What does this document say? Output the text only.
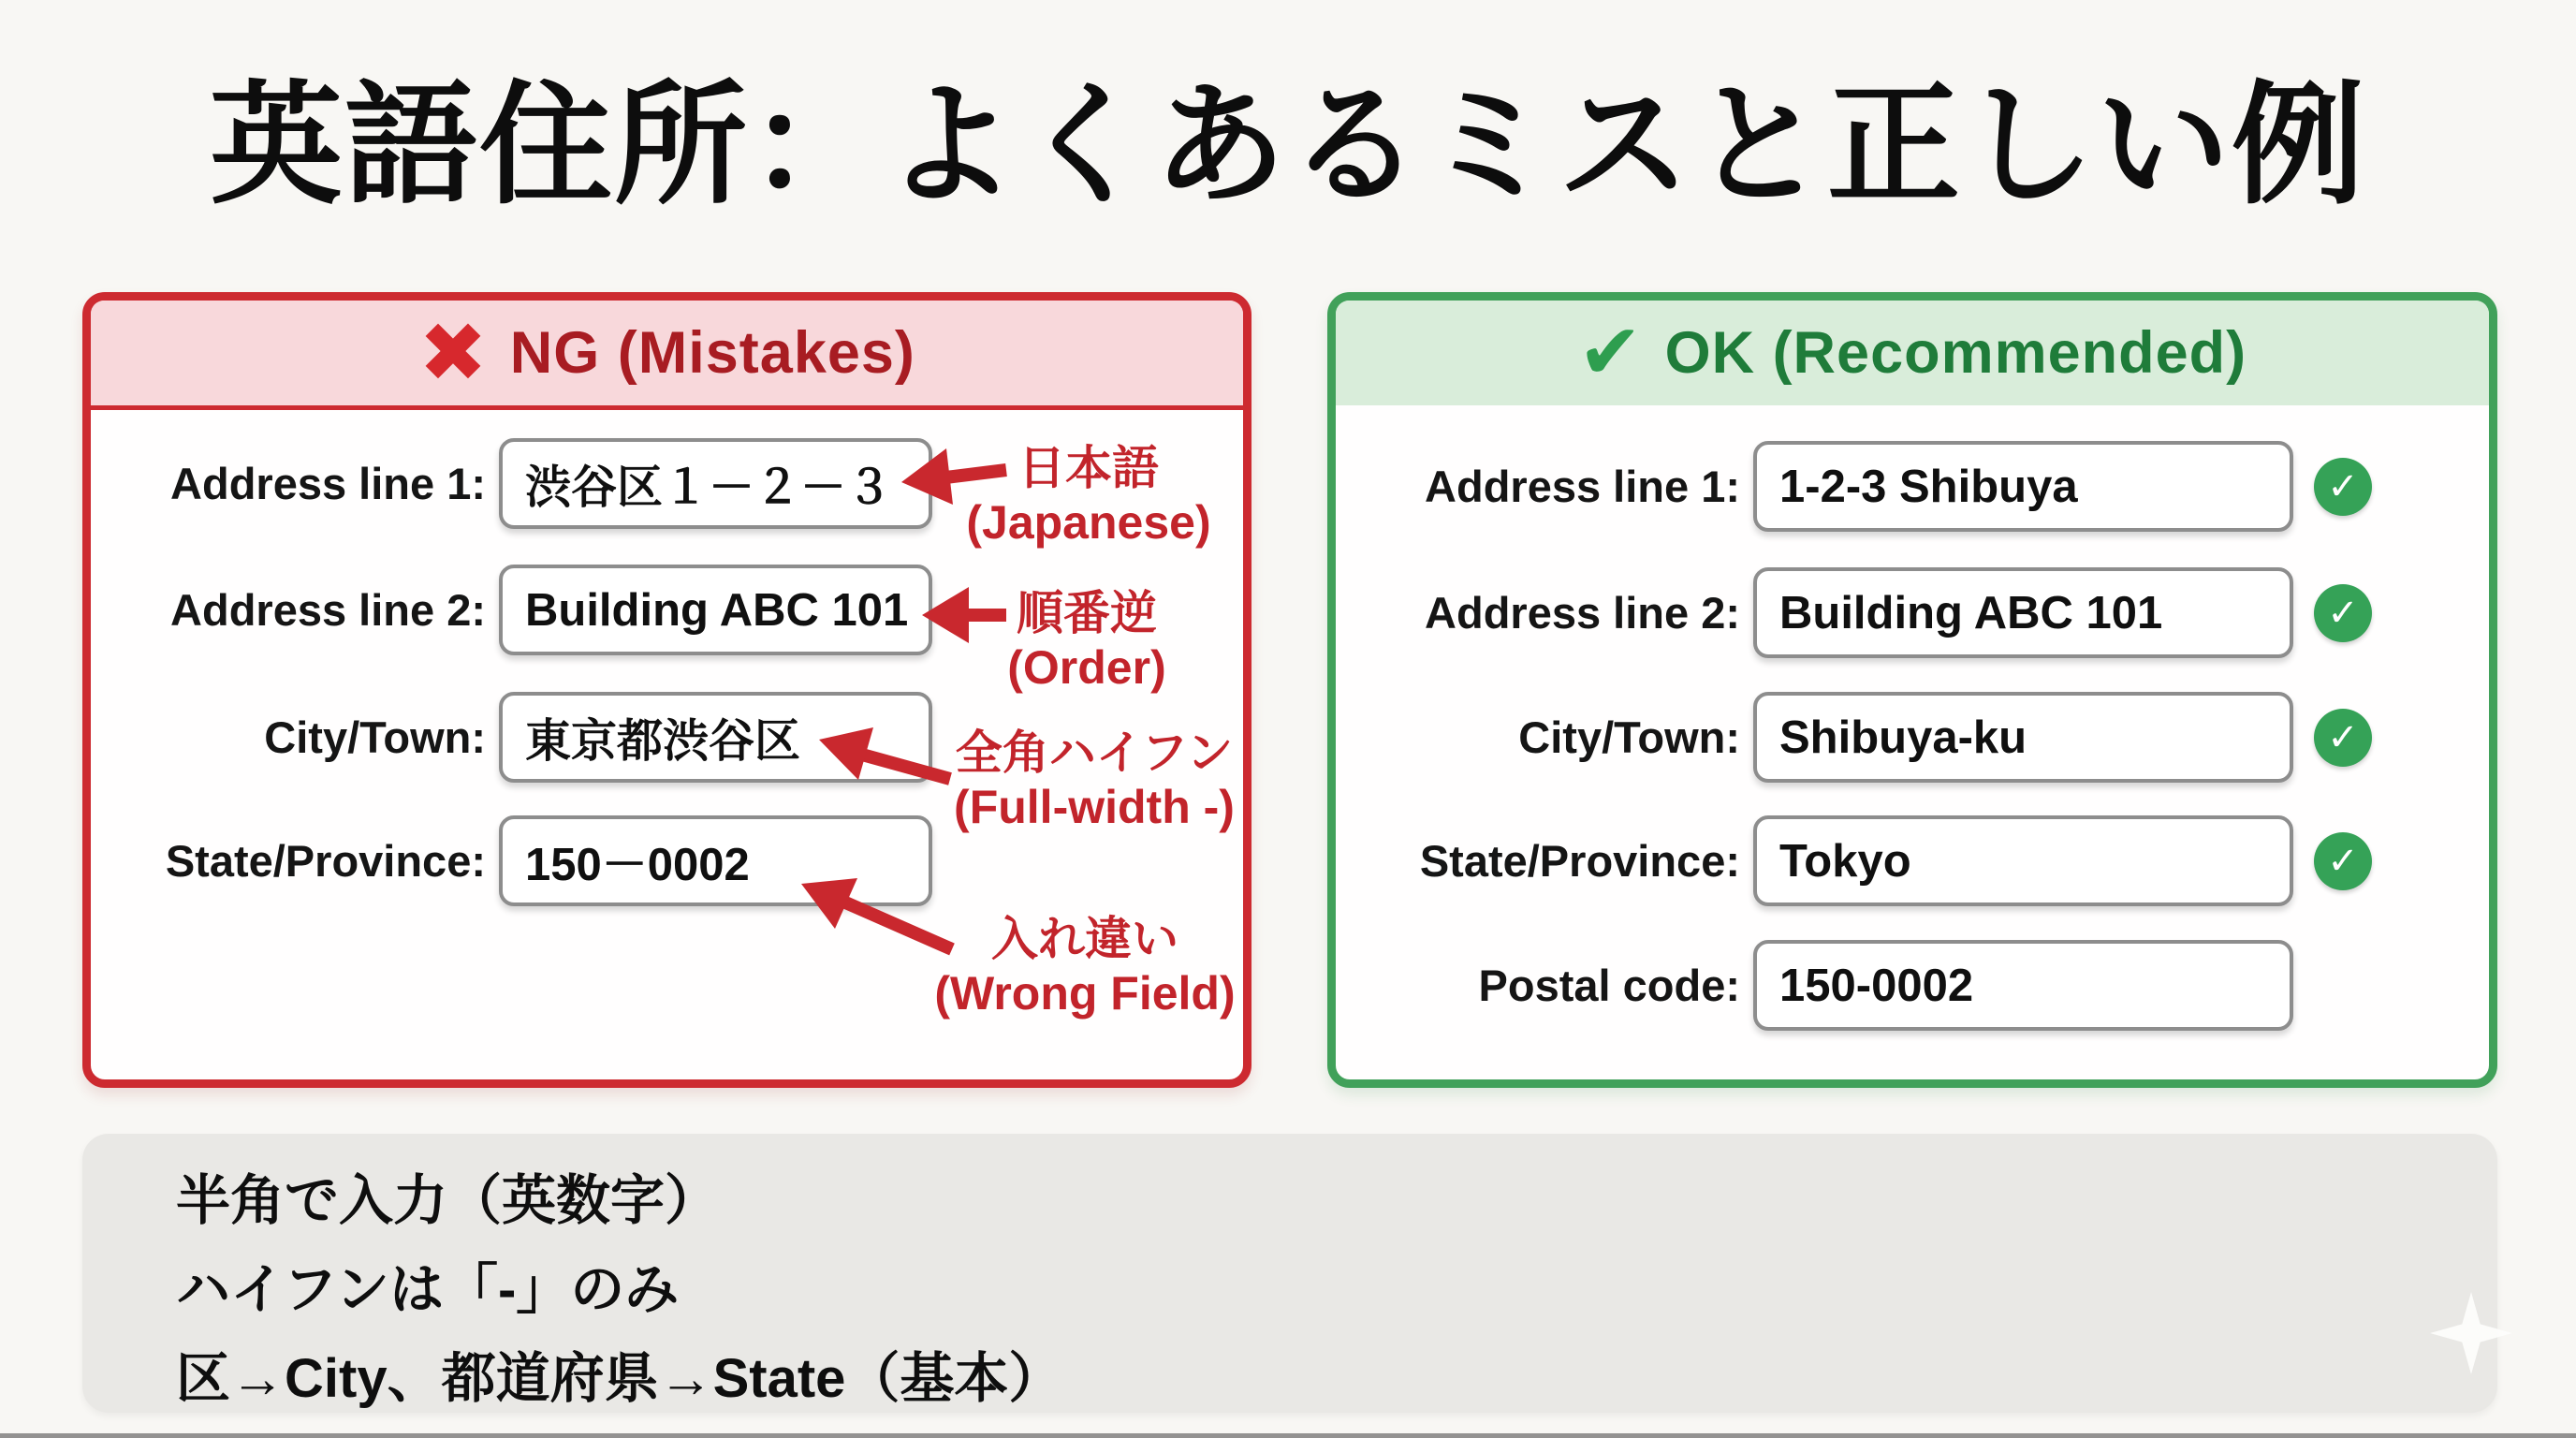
英語住所：よくあるミスと正しい例
✖ NG (Mistakes)
Address line 1: 渋谷区１－２－３
Address line 2: Building ABC 101
City/Town: 東京都渋谷区
State/Province: 150－0002
日本語
(Japanese)
順番逆
(Order)
全角ハイフン
(Full-width -)
入れ違い
(Wrong Field)
✔ OK (Recommended)
Address line 1: 1-2-3 Shibuya	✓
Address line 2: Building ABC 101	✓
City/Town: Shibuya-ku	✓
State/Province: Tokyo	✓
Postal code: 150-0002
半角で入力（英数字）
ハイフンは「-」のみ
区→City、都道府県→State（基本）
